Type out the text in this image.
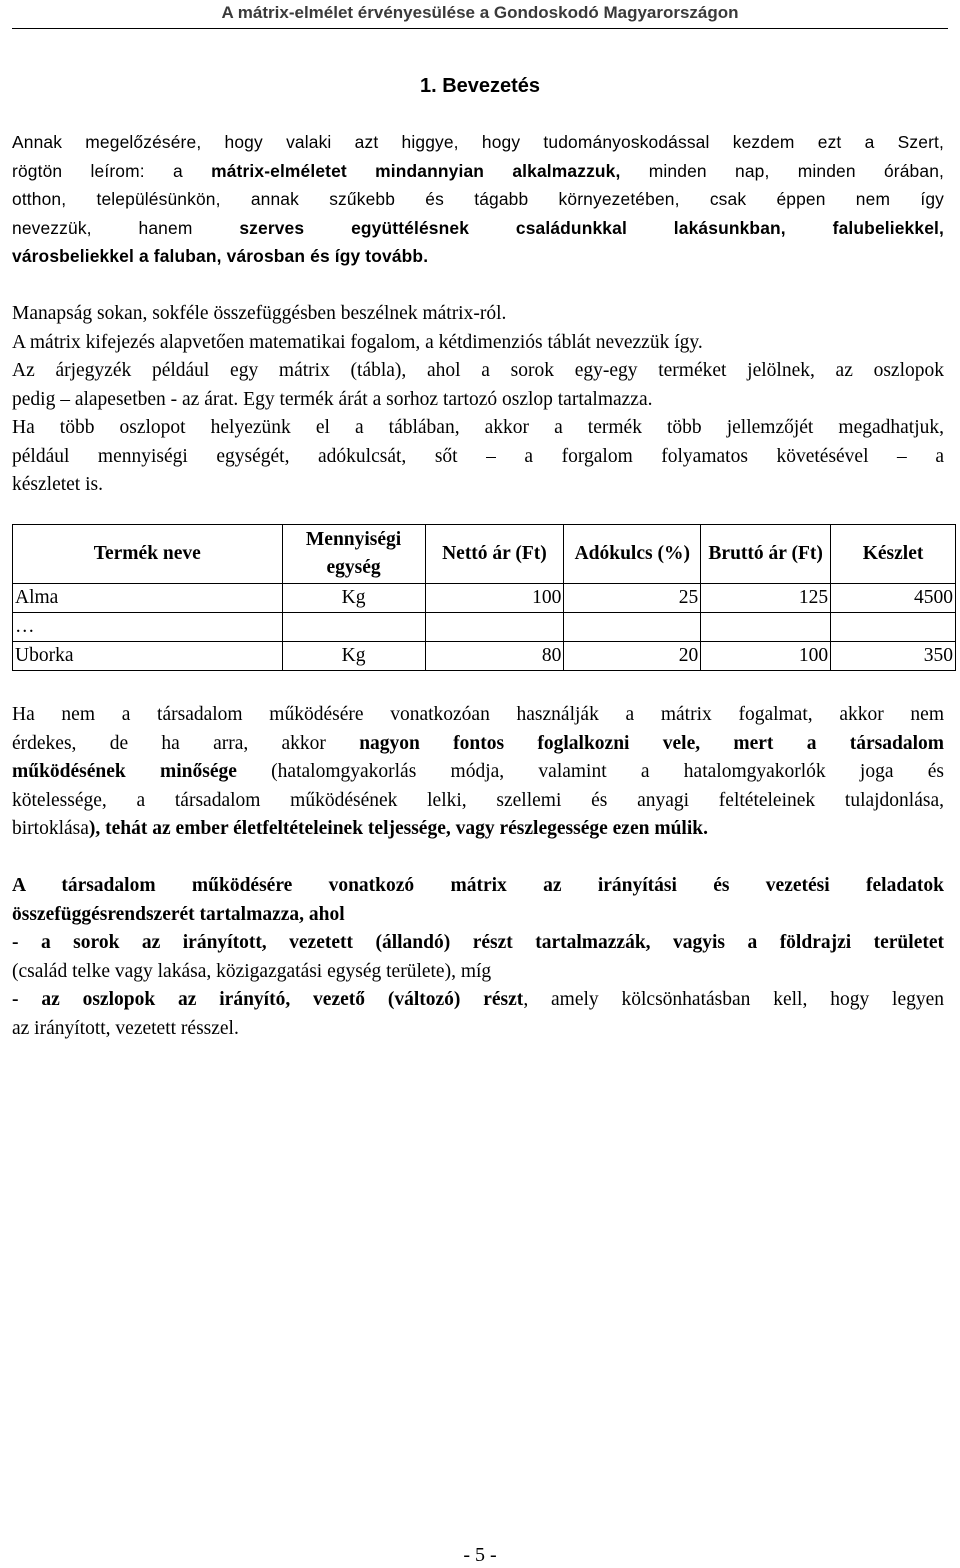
A mátrix-elmélet érvényesülése a Gondoskodó Magyarországon
1. Bevezetés
Annak megelőzésére, hogy valaki azt higgye, hogy tudományoskodással kezdem ezt a Szert,
rögtön leírom: a mátrix-elméletet mindannyian alkalmazzuk, minden nap, minden órában,
otthon, településünkön, annak szűkebb és tágabb környezetében, csak éppen nem így
nevezzük, hanem szerves együttélésnek családunkkal lakásunkban, falubeliekkel,
városbeliekkel a faluban, városban és így tovább.
Manapság sokan, sokféle összefüggésben beszélnek mátrix-ról.
A mátrix kifejezés alapvetően matematikai fogalom, a kétdimenziós táblát nevezzük így.
Az árjegyzék például egy mátrix (tábla), ahol a sorok egy-egy terméket jelölnek, az oszlopok
pedig – alapesetben - az árat. Egy termék árát a sorhoz tartozó oszlop tartalmazza.
Ha több oszlopot helyezünk el a táblában, akkor a termék több jellemzőjét megadhatjuk,
például mennyiségi egységét, adókulcsát, sőt – a forgalom folyamatos követésével – a
készletet is.
Termék neve	Mennyiségi egység	Nettó ár (Ft)	Adókulcs (%)	Bruttó ár (Ft)	Készlet
Alma	Kg	100	25	125	4500
…					
Uborka	Kg	80	20	100	350
Ha nem a társadalom működésére vonatkozóan használják a mátrix fogalmat, akkor nem
érdekes, de ha arra, akkor nagyon fontos foglalkozni vele, mert a társadalom
működésének minősége (hatalomgyakorlás módja, valamint a hatalomgyakorlók joga és
kötelessége, a társadalom működésének lelki, szellemi és anyagi feltételeinek tulajdonlása,
birtoklása), tehát az ember életfeltételeinek teljessége, vagy részlegessége ezen múlik.
A társadalom működésére vonatkozó mátrix az irányítási és vezetési feladatok
összefüggésrendszerét tartalmazza, ahol
- a sorok az irányított, vezetett (állandó) részt tartalmazzák, vagyis a földrajzi területet
(család telke vagy lakása, közigazgatási egység területe), míg
- az oszlopok az irányító, vezető (változó) részt, amely kölcsönhatásban kell, hogy legyen
az irányított, vezetett résszel.
- 5 -
